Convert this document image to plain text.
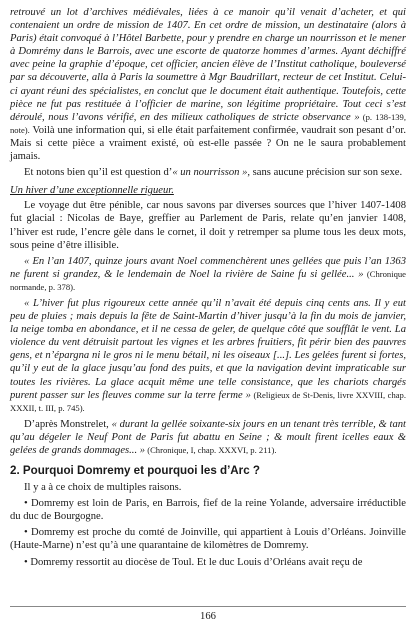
retrouvé un lot d’archives médiévales, liées à ce manoir qu’il venait d’acheter, et qui contenaient un ordre de mission de 1407. En cet ordre de mission, un destinataire (alors à Paris) était convoqué à l’Hôtel Barbette, pour y prendre en charge un nourrisson et le mener à Domrémy dans le Barrois, avec une escorte de quatorze hommes d’armes. Ayant déchiffré avec peine la graphie d’époque, cet officier, ancien élève de l’Institut catholique, bouleversé par sa découverte, alla à Paris la soumettre à Mgr Baudrillart, recteur de cet Institut. Celui-ci ayant réuni des spécialistes, en conclut que le document était authentique. Toutefois, cette pièce ne fut pas restituée à l’officier de marine, son légitime propriétaire. Tout ceci s’est déroulé, nous l’avons vérifié, en des milieux catholiques de stricte observance » (p. 138-139, note). Voilà une information qui, si elle était parfaitement confirmée, vaudrait son pesant d’or. Mais si cette pièce a vraiment existé, où est-elle passée ? On ne le saura probablement jamais.

Et notons bien qu’il est question d’« un nourrisson », sans aucune précision sur son sexe.

Un hiver d’une exceptionnelle rigueur.

Le voyage dut être pénible, car nous savons par diverses sources que l’hiver 1407-1408 fut glacial : Nicolas de Baye, greffier au Parlement de Paris, relate qu’en janvier 1408, l’hiver est rude, l’encre gèle dans le cornet, il doit y retremper sa plume tous les deux mots, sous peine d’être illisible.

« En l’an 1407, quinze jours avant Noel commenchèrent unes gellées que puis l’an 1363 ne furent si grandez, & le lendemain de Noel la rivière de Saine fu si gellée... » (Chronique normande, p. 378).

« L’hiver fut plus rigoureux cette année qu’il n’avait été depuis cinq cents ans. Il y eut peu de pluies ; mais depuis la fête de Saint-Martin d’hiver jusqu’à la fin du mois de janvier, la neige tomba en abondance, et il ne cessa de geler, de quelque côté que soufflât le vent. La violence du vent détruisit partout les vignes et les arbres fruitiers, fit périr bien des pauvres gens, et n’épargna ni le gros ni le menu bétail, ni les oiseaux [...]. Les gelées furent si fortes, qu’il y eut de la glace jusqu’au fond des puits, et que la navigation devint impraticable sur toutes les rivières. La glace acquit même une telle consistance, que les chariots chargés purent passer sur les fleuves comme sur la terre ferme » (Religieux de St-Denis, livre XXVIII, chap. XXXII, t. III, p. 745).

D’après Monstrelet, « durant la gellée soixante-six jours en un tenant très terrible, & tant qu’au dégeler le Neuf Pont de Paris fut abattu en Seine ; & moult firent icelles eaux & gelées de grands dommages... » (Chronique, I, chap. XXXVI, p. 211).

2. Pourquoi Domremy et pourquoi les d’Arc ?

Il y a à ce choix de multiples raisons.

• Domremy est loin de Paris, en Barrois, fief de la reine Yolande, adversaire irréductible du duc de Bourgogne.

• Domremy est proche du comté de Joinville, qui appartient à Louis d’Orléans. Joinville (Haute-Marne) n’est qu’à une quarantaine de kilomètres de Domremy.

• Domremy ressortit au diocèse de Toul. Et le duc Louis d’Orléans avait reçu de

166
